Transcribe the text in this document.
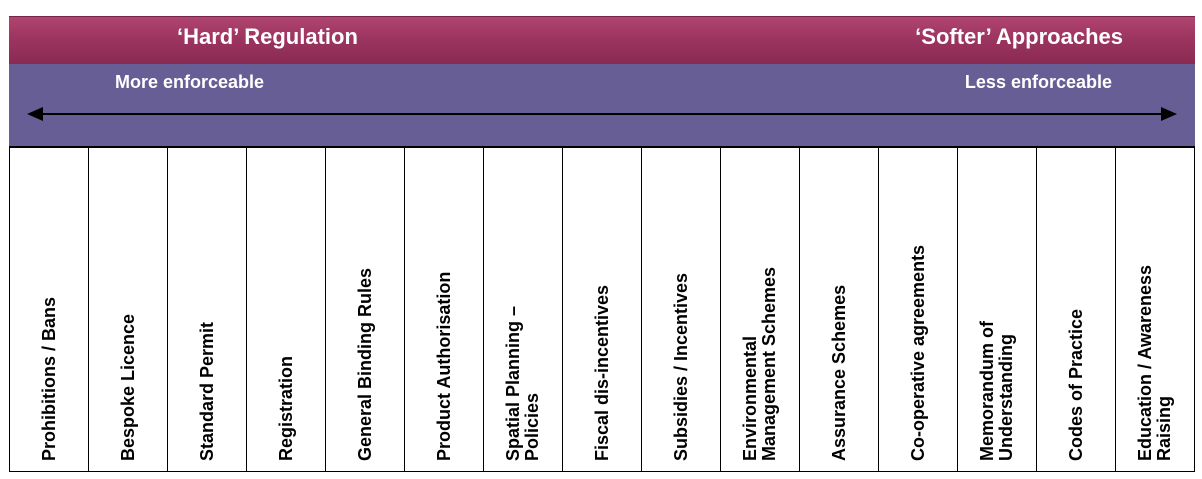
‘Hard’ Regulation	‘Softer’ Approaches
More enforceable	Less enforceable
Prohibitions / Bans	Bespoke Licence	Standard Permit	Registration	General Binding Rules	Product Authorisation	Spatial Planning –
Policies	Fiscal dis-incentives	Subsidies / Incentives	Environmental
Management Schemes	Assurance Schemes	Co-operative agreements	Memorandum of
Understanding	Codes of Practice	Education / Awareness
Raising
